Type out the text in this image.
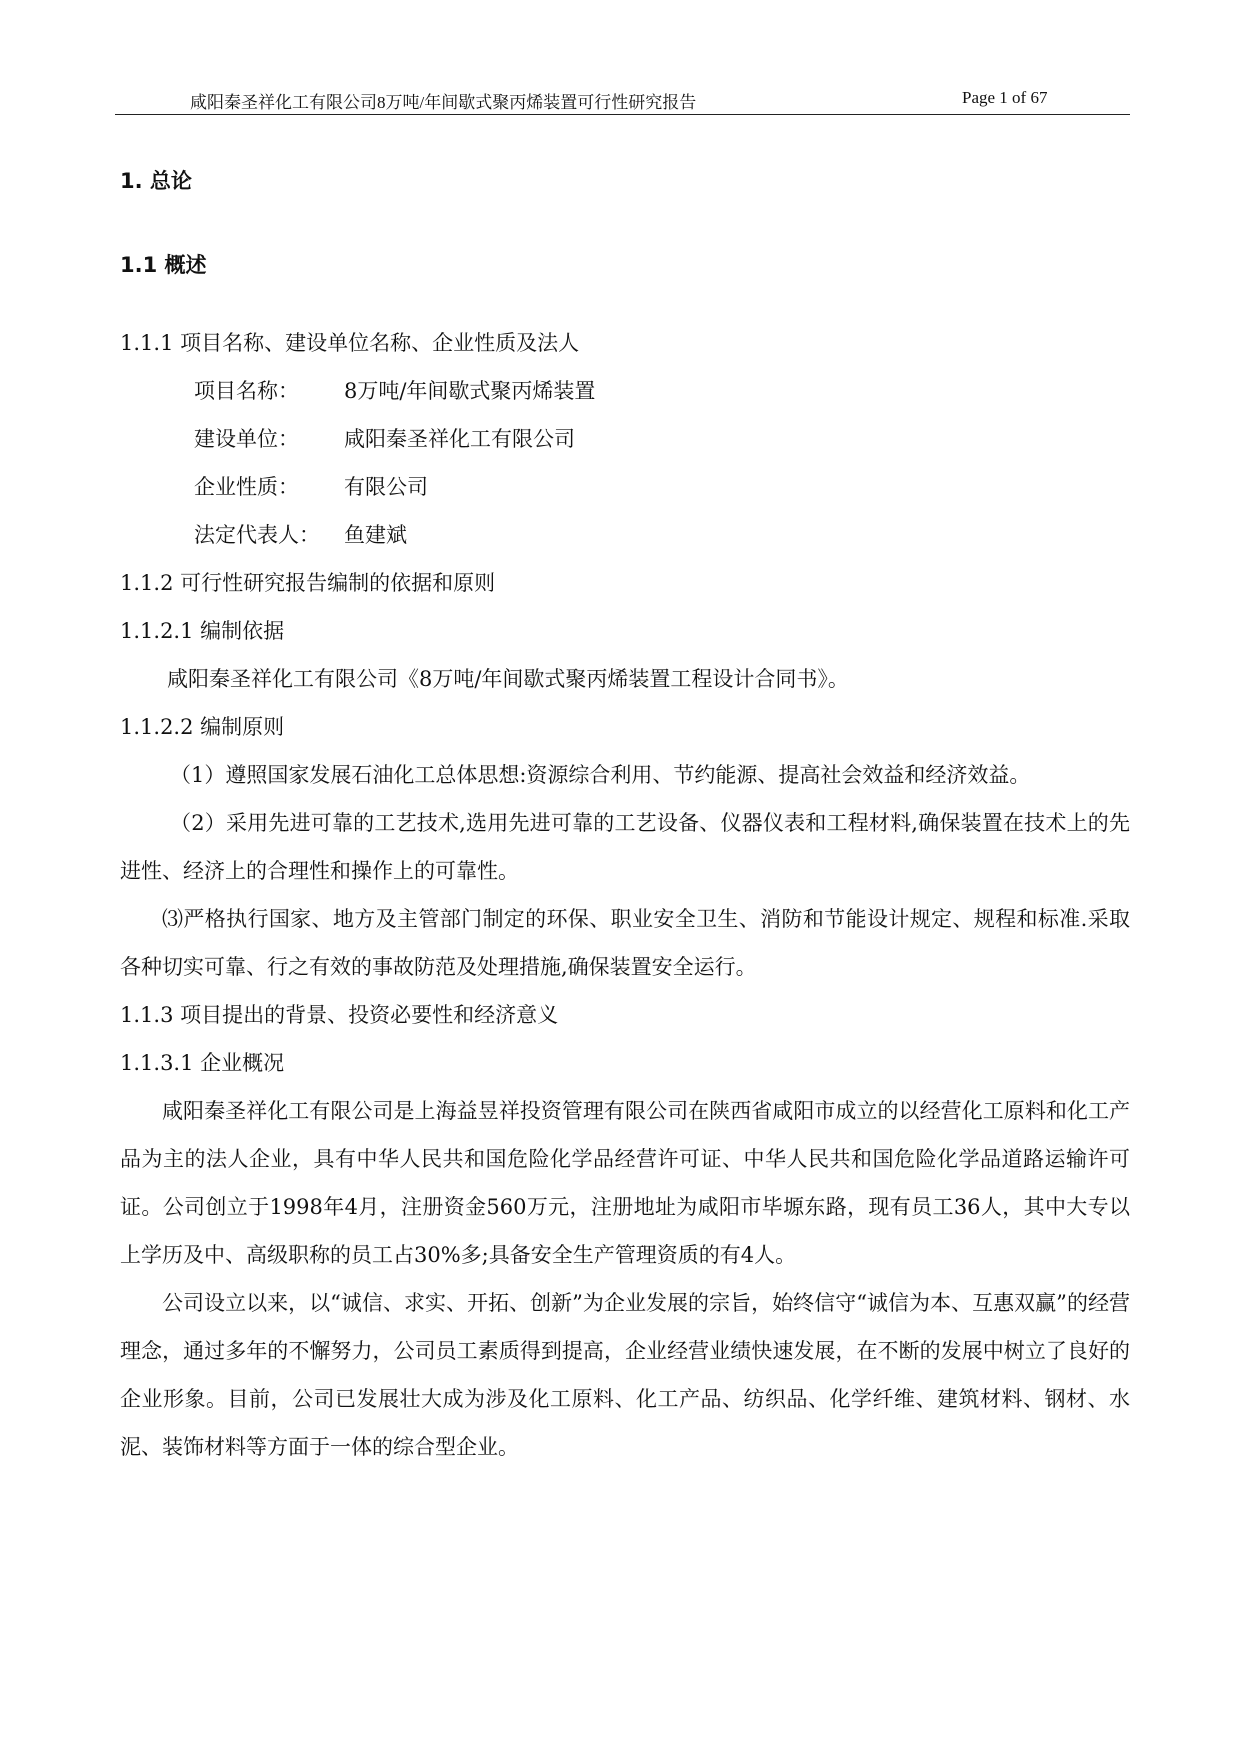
咸阳秦圣祥化工有限公司8万吨/年间歇式聚丙烯装置可行性研究报告	Page 1 of 67
1. 总论
1.1 概述
1.1.1 项目名称、建设单位名称、企业性质及法人
项目名称： 8万吨/年间歇式聚丙烯装置
建设单位： 咸阳秦圣祥化工有限公司
企业性质： 有限公司
法定代表人： 鱼建斌
1.1.2 可行性研究报告编制的依据和原则
1.1.2.1 编制依据
咸阳秦圣祥化工有限公司《8万吨/年间歇式聚丙烯装置工程设计合同书》。
1.1.2.2 编制原则
（1）遵照国家发展石油化工总体思想:资源综合利用、节约能源、提高社会效益和经济效益。
（2）采用先进可靠的工艺技术,选用先进可靠的工艺设备、仪器仪表和工程材料,确保装置在技术上的先进性、经济上的合理性和操作上的可靠性。
⑶严格执行国家、地方及主管部门制定的环保、职业安全卫生、消防和节能设计规定、规程和标准.采取各种切实可靠、行之有效的事故防范及处理措施,确保装置安全运行。
1.1.3 项目提出的背景、投资必要性和经济意义
1.1.3.1 企业概况
咸阳秦圣祥化工有限公司是上海益昱祥投资管理有限公司在陕西省咸阳市成立的以经营化工原料和化工产品为主的法人企业，具有中华人民共和国危险化学品经营许可证、中华人民共和国危险化学品道路运输许可证。公司创立于1998年4月，注册资金560万元，注册地址为咸阳市毕塬东路，现有员工36人，其中大专以上学历及中、高级职称的员工占30%多;具备安全生产管理资质的有4人。
公司设立以来，以“诚信、求实、开拓、创新”为企业发展的宗旨，始终信守“诚信为本、互惠双赢”的经营理念，通过多年的不懈努力，公司员工素质得到提高，企业经营业绩快速发展，在不断的发展中树立了良好的企业形象。目前，公司已发展壮大成为涉及化工原料、化工产品、纺织品、化学纤维、建筑材料、钢材、水泥、装饰材料等方面于一体的综合型企业。
